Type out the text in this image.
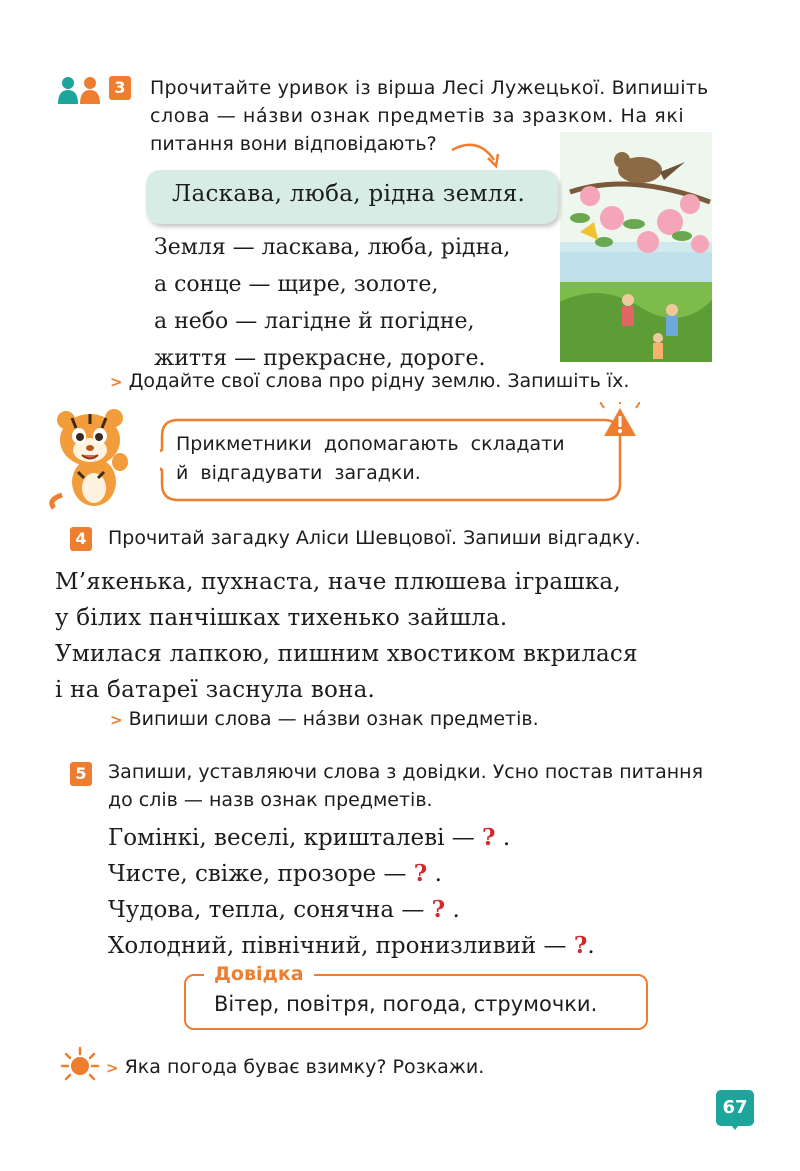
3 Прочитайте уривок із вірша Лесі Лужецької. Випишіть
слова — на́зви ознак предметів за зразком. На які
питання вони відповідають?
Ласкава, люба, рідна земля.
Земля — ласкава, люба, рідна,
а сонце — щире, золоте,
а небо — лагідне й погідне,
життя — прекрасне, дороге.
> Додайте свої слова про рідну землю. Запишіть їх.
Прикметники  допомагають  складати
й  відгадувати  загадки.
4 Прочитай загадку Аліси Шевцової. Запиши відгадку.
М’якенька, пухнаста, наче плюшева іграшка,
у білих панчішках тихенько зайшла.
Умилася лапкою, пишним хвостиком вкрилася
і на батареї заснула вона.
> Випиши слова — на́зви ознак предметів.
5 Запиши, уставляючи слова з довідки. Усно постав питання
до слів — назв ознак предметів.
Гомінкі, веселі, кришталеві — ? .
Чисте, свіже, прозоре — ? .
Чудова, тепла, сонячна — ? .
Холодний, північний, пронизливий — ?.
Довідка
Вітер, повітря, погода, струмочки.
> Яка погода буває взимку? Розкажи.
67
